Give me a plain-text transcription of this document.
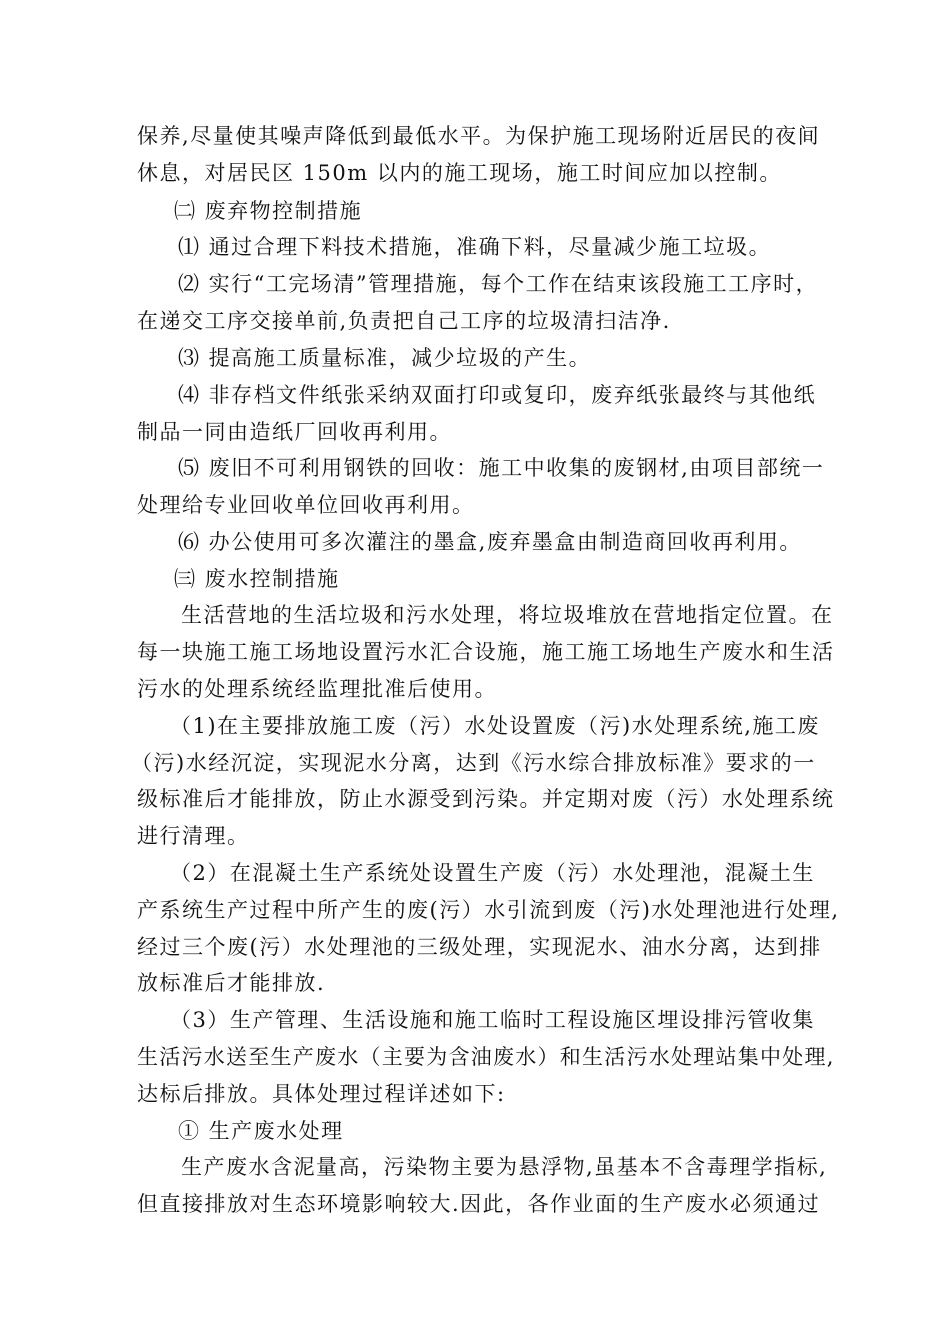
保养,尽量使其噪声降低到最低水平。为保护施工现场附近居民的夜间
休息，对居民区 150m 以内的施工现场，施工时间应加以控制。
㈡ 废弃物控制措施
⑴ 通过合理下料技术措施，准确下料，尽量减少施工垃圾。
⑵ 实行“工完场清”管理措施，每个工作在结束该段施工工序时，
在递交工序交接单前,负责把自己工序的垃圾清扫洁净.
⑶ 提高施工质量标准，减少垃圾的产生。
⑷ 非存档文件纸张采纳双面打印或复印，废弃纸张最终与其他纸
制品一同由造纸厂回收再利用。
⑸ 废旧不可利用钢铁的回收：施工中收集的废钢材,由项目部统一
处理给专业回收单位回收再利用。
⑹ 办公使用可多次灌注的墨盒,废弃墨盒由制造商回收再利用。
㈢ 废水控制措施
生活营地的生活垃圾和污水处理，将垃圾堆放在营地指定位置。在
每一块施工施工场地设置污水汇合设施，施工施工场地生产废水和生活
污水的处理系统经监理批准后使用。
（1)在主要排放施工废（污）水处设置废（污)水处理系统,施工废
（污)水经沉淀，实现泥水分离，达到《污水综合排放标准》要求的一
级标准后才能排放，防止水源受到污染。并定期对废（污）水处理系统
进行清理。
（2）在混凝土生产系统处设置生产废（污）水处理池，混凝土生
产系统生产过程中所产生的废(污）水引流到废（污)水处理池进行处理,
经过三个废(污）水处理池的三级处理，实现泥水、油水分离，达到排
放标准后才能排放.
（3）生产管理、生活设施和施工临时工程设施区埋设排污管收集
生活污水送至生产废水（主要为含油废水）和生活污水处理站集中处理,
达标后排放。具体处理过程详述如下:
① 生产废水处理
生产废水含泥量高，污染物主要为悬浮物,虽基本不含毒理学指标,
但直接排放对生态环境影响较大.因此，各作业面的生产废水必须通过
